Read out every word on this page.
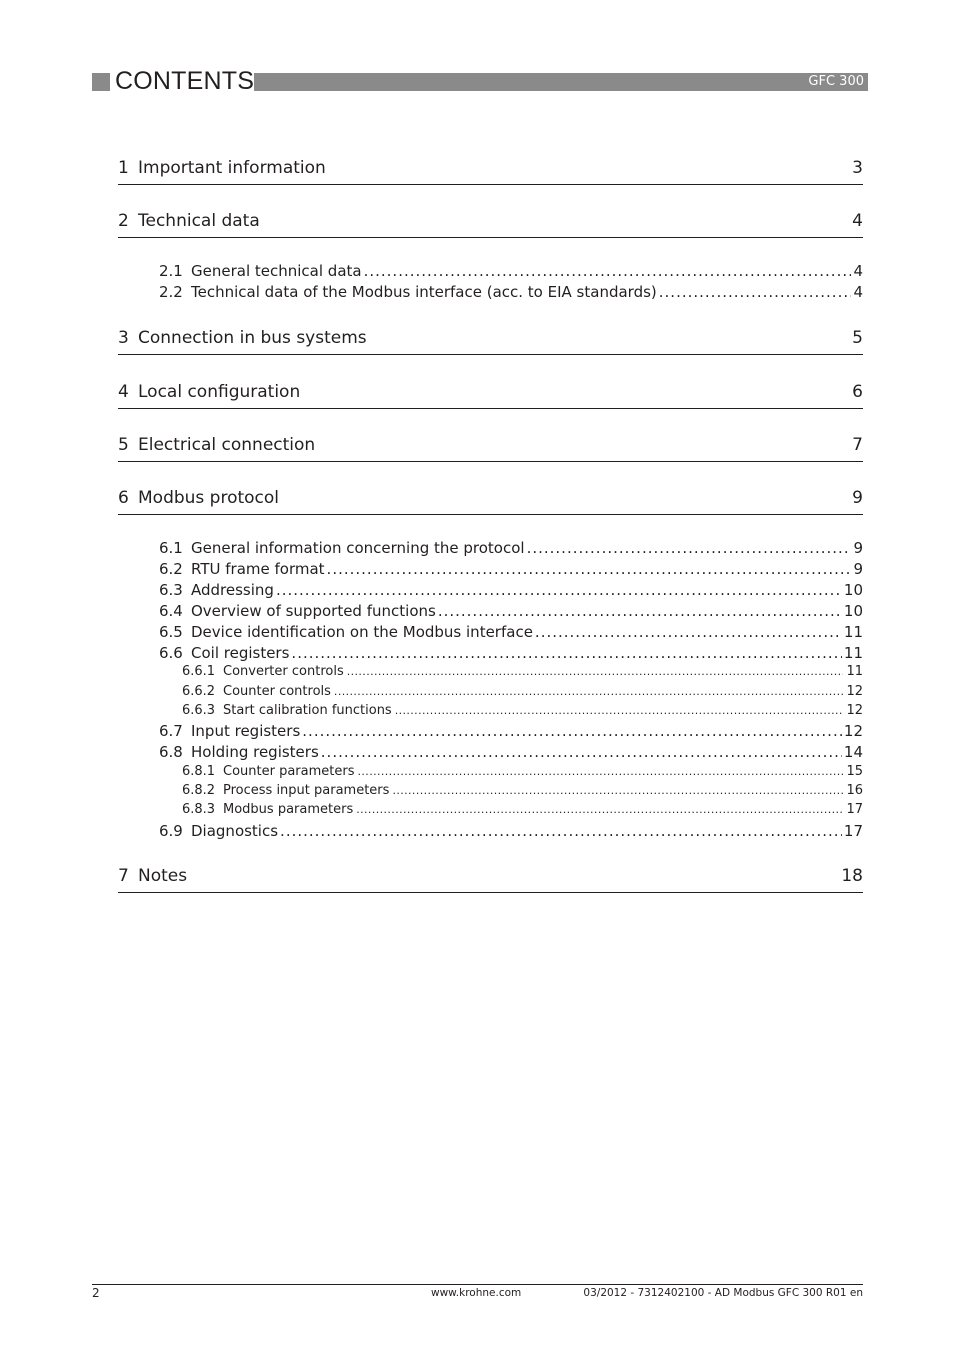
CONTENTS	GFC 300
1 Important information	3
2 Technical data	4
2.1 General technical data .....	4
2.2 Technical data of the Modbus interface (acc. to EIA standards) .....	4
3 Connection in bus systems	5
4 Local configuration	6
5 Electrical connection	7
6 Modbus protocol	9
6.1 General information concerning the protocol .....	9
6.2 RTU frame format .....	9
6.3 Addressing .....	10
6.4 Overview of supported functions .....	10
6.5 Device identification on the Modbus interface .....	11
6.6 Coil registers .....	11
6.6.1 Converter controls .....	11
6.6.2 Counter controls .....	12
6.6.3 Start calibration functions .....	12
6.7 Input registers .....	12
6.8 Holding registers .....	14
6.8.1 Counter parameters .....	15
6.8.2 Process input parameters .....	16
6.8.3 Modbus parameters .....	17
6.9 Diagnostics .....	17
7 Notes	18
2	www.krohne.com	03/2012 - 7312402100 - AD Modbus GFC 300 R01 en
